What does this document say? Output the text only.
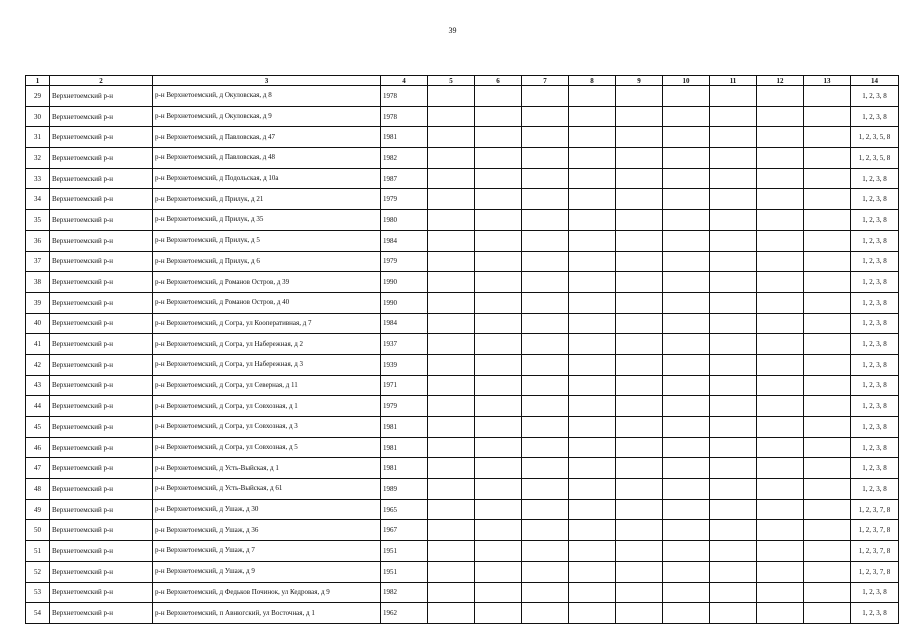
39
1	2	3	4	5	6	7	8	9	10	11	12	13	14
29	Верхнетоемский р-н	р-н Верхнетоемский, д Окуловская, д 8	1978										1, 2, 3, 8
30	Верхнетоемский р-н	р-н Верхнетоемский, д Окуловская, д 9	1978										1, 2, 3, 8
31	Верхнетоемский р-н	р-н Верхнетоемский, д Павловская, д 47	1981										1, 2, 3, 5, 8
32	Верхнетоемский р-н	р-н Верхнетоемский, д Павловская, д 48	1982										1, 2, 3, 5, 8
33	Верхнетоемский р-н	р-н Верхнетоемский, д Подольская, д 10а	1987										1, 2, 3, 8
34	Верхнетоемский р-н	р-н Верхнетоемский, д Прилук, д 21	1979										1, 2, 3, 8
35	Верхнетоемский р-н	р-н Верхнетоемский, д Прилук, д 35	1980										1, 2, 3, 8
36	Верхнетоемский р-н	р-н Верхнетоемский, д Прилук, д 5	1984										1, 2, 3, 8
37	Верхнетоемский р-н	р-н Верхнетоемский, д Прилук, д 6	1979										1, 2, 3, 8
38	Верхнетоемский р-н	р-н Верхнетоемский, д Романов Остров, д 39	1990										1, 2, 3, 8
39	Верхнетоемский р-н	р-н Верхнетоемский, д Романов Остров, д 40	1990										1, 2, 3, 8
40	Верхнетоемский р-н	р-н Верхнетоемский, д Согра, ул Кооперативная, д 7	1984										1, 2, 3, 8
41	Верхнетоемский р-н	р-н Верхнетоемский, д Согра, ул Набережная, д 2	1937										1, 2, 3, 8
42	Верхнетоемский р-н	р-н Верхнетоемский, д Согра, ул Набережная, д 3	1939										1, 2, 3, 8
43	Верхнетоемский р-н	р-н Верхнетоемский, д Согра, ул Северная, д 11	1971										1, 2, 3, 8
44	Верхнетоемский р-н	р-н Верхнетоемский, д Согра, ул Совхозная, д 1	1979										1, 2, 3, 8
45	Верхнетоемский р-н	р-н Верхнетоемский, д Согра, ул Совхозная, д 3	1981										1, 2, 3, 8
46	Верхнетоемский р-н	р-н Верхнетоемский, д Согра, ул Совхозная, д 5	1981										1, 2, 3, 8
47	Верхнетоемский р-н	р-н Верхнетоемский, д Усть-Выйская, д 1	1981										1, 2, 3, 8
48	Верхнетоемский р-н	р-н Верхнетоемский, д Усть-Выйская, д 61	1989										1, 2, 3, 8
49	Верхнетоемский р-н	р-н Верхнетоемский, д Ушаж, д 30	1965										1, 2, 3, 7, 8
50	Верхнетоемский р-н	р-н Верхнетоемский, д Ушаж, д 36	1967										1, 2, 3, 7, 8
51	Верхнетоемский р-н	р-н Верхнетоемский, д Ушаж, д 7	1951										1, 2, 3, 7, 8
52	Верхнетоемский р-н	р-н Верхнетоемский, д Ушаж, д 9	1951										1, 2, 3, 7, 8
53	Верхнетоемский р-н	р-н Верхнетоемский, д Федьков Починок, ул Кедровая, д 9	1982										1, 2, 3, 8
54	Верхнетоемский р-н	р-н Верхнетоемский, п Авнюгский, ул Восточная, д 1	1962										1, 2, 3, 8
